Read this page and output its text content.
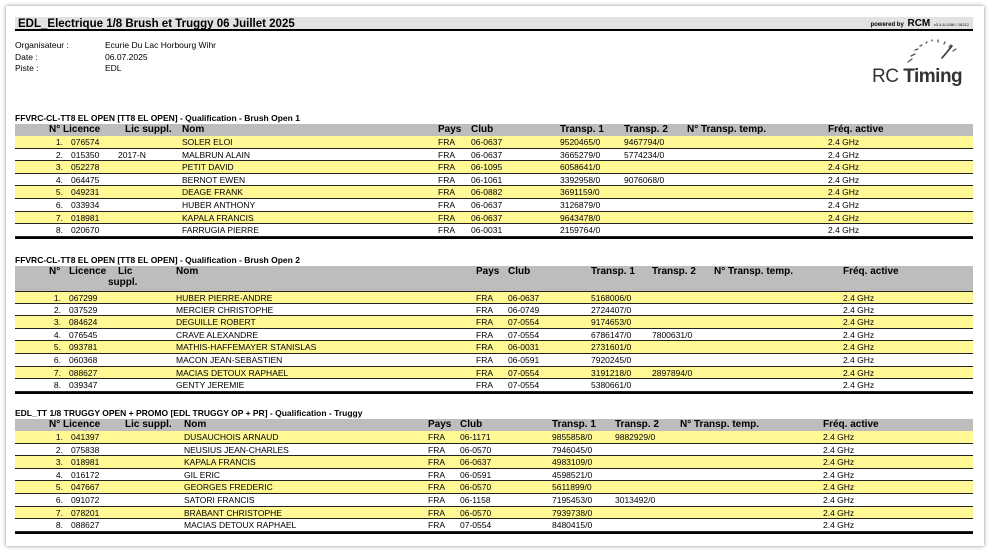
EDL_Electrique 1/8 Brush et Truggy 06 Juillet 2025	powered by RCM v3.4.6.1198 / 16212
Organisateur :	Ecurie Du Lac Horbourg Wihr
Date :	06.07.2025
Piste :	EDL	RC Timing
FFVRC-CL-TT8 EL OPEN [TT8 EL OPEN] - Qualification - Brush Open 1
N° Licence Lic suppl. Nom	Pays Club	Transp. 1 Transp. 2 N° Transp. temp.	Fréq. active
1. 076574	SOLER ELOI	FRA 06-0637	9520465/0	9467794/0	2.4 GHz
2. 015350 2017-N	MALBRUN ALAIN	FRA 06-0637	3665279/0	5774234/0	2.4 GHz
3. 052278	PETIT DAVID	FRA 06-1095	6058641/0	2.4 GHz
4. 064475	BERNOT EWEN	FRA 06-1061	3392958/0	9076068/0	2.4 GHz
5. 049231	DEAGE FRANK	FRA 06-0882	3691159/0	2.4 GHz
6. 033934	HUBER ANTHONY	FRA 06-0637	3126879/0	2.4 GHz
7. 018981	KAPALA FRANCIS	FRA 06-0637	9643478/0	2.4 GHz
8. 020670	FARRUGIA PIERRE	FRA 06-0031	2159764/0	2.4 GHz
FFVRC-CL-TT8 EL OPEN [TT8 EL OPEN] - Qualification - Brush Open 2
N° Licence Lic
suppl.
Nom	Pays Club	Transp. 1 Transp. 2 N° Transp. temp.	Fréq. active
1. 067299	HUBER PIERRE-ANDRE	FRA 06-0637	5168006/0	2.4 GHz
2. 037529	MERCIER CHRISTOPHE	FRA 06-0749	2724407/0	2.4 GHz
3. 084624	DEGUILLE ROBERT	FRA 07-0554	9174653/0	2.4 GHz
4. 076545	CRAVE ALEXANDRE	FRA 07-0554	6786147/0 7800631/0	2.4 GHz
5. 093781	MATHIS-HAFFEMAYER STANISLAS	FRA 06-0031	2731601/0	2.4 GHz
6. 060368	MACON JEAN-SEBASTIEN	FRA 06-0591	7920245/0	2.4 GHz
7. 088627	MACIAS DETOUX RAPHAEL	FRA 07-0554	3191218/0 2897894/0	2.4 GHz
8. 039347	GENTY JEREMIE	FRA 07-0554	5380661/0	2.4 GHz
EDL_TT 1/8 TRUGGY OPEN + PROMO [EDL TRUGGY OP + PR] - Qualification - Truggy
N° Licence Lic suppl. Nom	Pays Club	Transp. 1 Transp. 2 N° Transp. temp.	Fréq. active
1. 041397	DUSAUCHOIS ARNAUD	FRA 06-1171	9855858/0	9882929/0	2.4 GHz
2. 075838	NEUSIUS JEAN-CHARLES	FRA 06-0570	7946045/0	2.4 GHz
3. 018981	KAPALA FRANCIS	FRA 06-0637	4983109/0	2.4 GHz
4. 016172	GIL ERIC	FRA 06-0591	4598521/0	2.4 GHz
5. 047667	GEORGES FREDERIC	FRA 06-0570	5611899/0	2.4 GHz
6. 091072	SATORI FRANCIS	FRA 06-1158	7195453/0	3013492/0	2.4 GHz
7. 078201	BRABANT CHRISTOPHE	FRA 06-0570	7939738/0	2.4 GHz
8. 088627	MACIAS DETOUX RAPHAEL	FRA 07-0554	8480415/0	2.4 GHz
